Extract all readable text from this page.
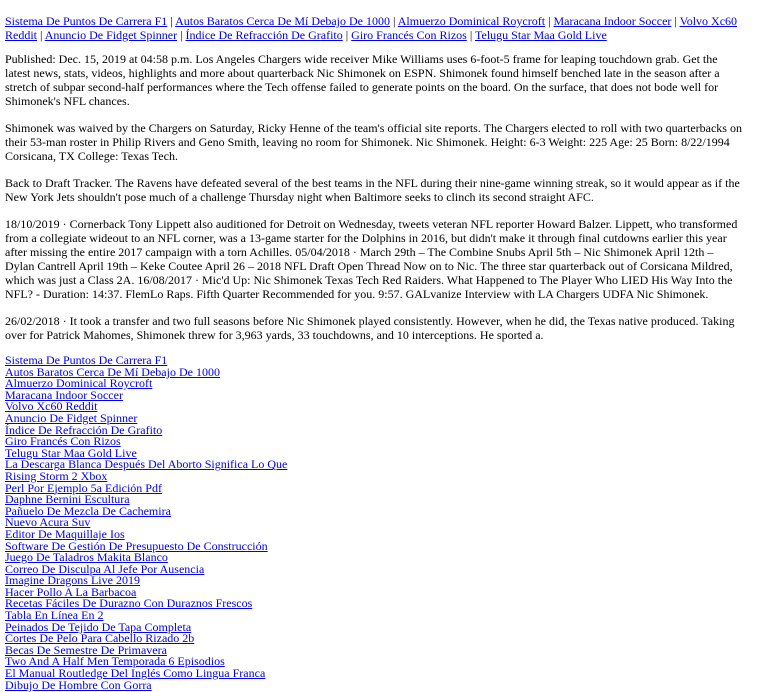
Sistema De Puntos De Carrera F1 | Autos Baratos Cerca De Mí Debajo De 1000 | Almuerzo Dominical Roycroft | Maracana Indoor Soccer | Volvo Xc60 Reddit | Anuncio De Fidget Spinner | Índice De Refracción De Grafito | Giro Francés Con Rizos | Telugu Star Maa Gold Live

Published: Dec. 15, 2019 at 04:58 p.m. Los Angeles Chargers wide receiver Mike Williams uses 6-foot-5 frame for leaping touchdown grab. Get the latest news, stats, videos, highlights and more about quarterback Nic Shimonek on ESPN. Shimonek found himself benched late in the season after a stretch of subpar second-half performances where the Tech offense failed to generate points on the board. On the surface, that does not bode well for Shimonek's NFL chances.

Shimonek was waived by the Chargers on Saturday, Ricky Henne of the team's official site reports. The Chargers elected to roll with two quarterbacks on their 53-man roster in Philip Rivers and Geno Smith, leaving no room for Shimonek. Nic Shimonek. Height: 6-3 Weight: 225 Age: 25 Born: 8/22/1994 Corsicana, TX College: Texas Tech.

Back to Draft Tracker. The Ravens have defeated several of the best teams in the NFL during their nine-game winning streak, so it would appear as if the New York Jets shouldn't pose much of a challenge Thursday night when Baltimore seeks to clinch its second straight AFC.

18/10/2019 · Cornerback Tony Lippett also auditioned for Detroit on Wednesday, tweets veteran NFL reporter Howard Balzer. Lippett, who transformed from a collegiate wideout to an NFL corner, was a 13-game starter for the Dolphins in 2016, but didn't make it through final cutdowns earlier this year after missing the entire 2017 campaign with a torn Achilles. 05/04/2018 · March 29th – The Combine Snubs April 5th – Nic Shimonek April 12th – Dylan Cantrell April 19th – Keke Coutee April 26 – 2018 NFL Draft Open Thread Now on to Nic. The three star quarterback out of Corsicana Mildred, which was just a Class 2A. 16/08/2017 · Mic'd Up: Nic Shimonek Texas Tech Red Raiders. What Happened to The Player Who LIED His Way Into the NFL? - Duration: 14:37. FlemLo Raps. Fifth Quarter Recommended for you. 9:57. GALvanize Interview with LA Chargers UDFA Nic Shimonek.

26/02/2018 · It took a transfer and two full seasons before Nic Shimonek played consistently. However, when he did, the Texas native produced. Taking over for Patrick Mahomes, Shimonek threw for 3,963 yards, 33 touchdowns, and 10 interceptions. He sported a.

Sistema De Puntos De Carrera F1
Autos Baratos Cerca De Mí Debajo De 1000
Almuerzo Dominical Roycroft
Maracana Indoor Soccer
Volvo Xc60 Reddit
Anuncio De Fidget Spinner
Índice De Refracción De Grafito
Giro Francés Con Rizos
Telugu Star Maa Gold Live
La Descarga Blanca Después Del Aborto Significa Lo Que
Rising Storm 2 Xbox
Perl Por Ejemplo 5a Edición Pdf
Daphne Bernini Escultura
Pañuelo De Mezcla De Cachemira
Nuevo Acura Suv
Editor De Maquillaje Ios
Software De Gestión De Presupuesto De Construcción
Juego De Taladros Makita Blanco
Correo De Disculpa Al Jefe Por Ausencia
Imagine Dragons Live 2019
Hacer Pollo A La Barbacoa
Recetas Fáciles De Durazno Con Duraznos Frescos
Tabla En Línea En 2
Peinados De Tejido De Tapa Completa
Cortes De Pelo Para Cabello Rizado 2b
Becas De Semestre De Primavera
Two And A Half Men Temporada 6 Episodios
El Manual Routledge Del Inglés Como Lingua Franca
Dibujo De Hombre Con Gorra
